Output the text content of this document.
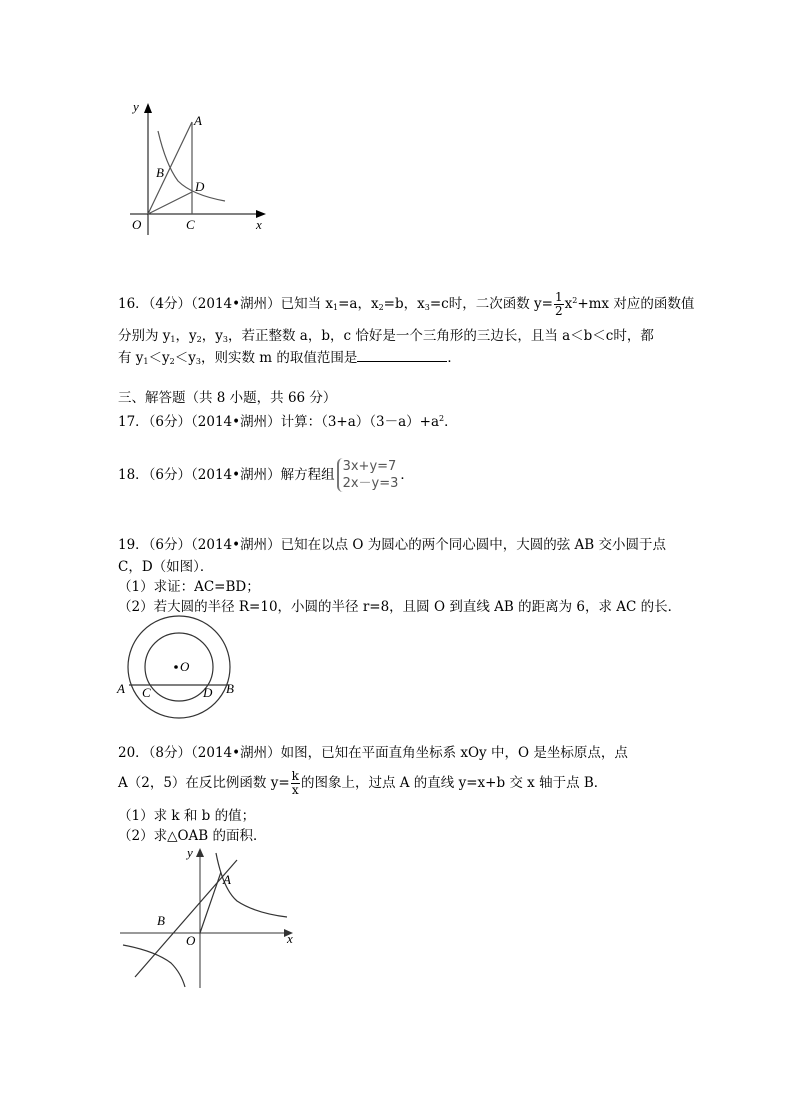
y
A
B
D
O	C	x
16．（4分）（2014•湖州）已知当 $x_1=a$，$x_2=b$，$x_3=c$时，二次函数 $y= \frac{1}{2} x^2+mx$ 对应的函数值
分别为 $y_1$，$y_2$，$y_3$，若正整数 a，b，c 恰好是一个三角形的三边长，且当 a＜b＜c时，都
有 $y_1<y_2<y_3$，则实数 m 的取值范围是	．
三、解答题（共 8 小题，共 66 分）
17．（6分）（2014•湖州）计算：$(3+a)(3-a)+a^2$．
18．（6分）（2014•湖州）解方程组
3x+y=7
2x－y=3
．
19．（6分）（2014•湖州）已知在以点 O 为圆心的两个同心圆中，大圆的弦 AB 交小圆于点
C，D（如图）．
（1）求证：AC=BD；
（2）若大圆的半径 R=10，小圆的半径 r=8，且圆 O 到直线 AB 的距离为 6，求 AC 的长．
O
A C	D B
20．（8分）（2014•湖州）如图，已知在平面直角坐标系 xOy 中，O 是坐标原点，点
A（2，5）在反比例函数 $y= \frac{k}{x}$ 的图象上，过点 A 的直线 y=x+b 交 x 轴于点 B．
（1）求 k 和 b 的值；
（2）求△OAB 的面积．
y
A
B
O	x
